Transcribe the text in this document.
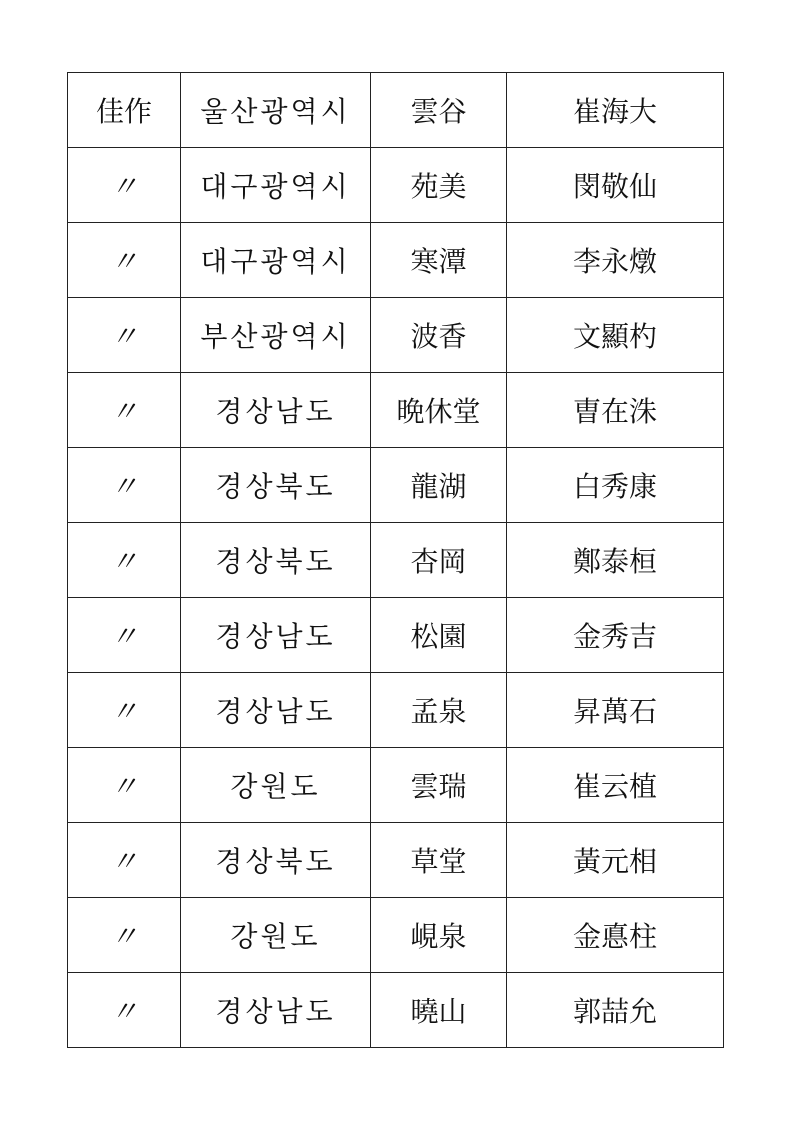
佳作	울산광역시	雲谷	崔海大
〃	대구광역시	苑美	閔敬仙
〃	대구광역시	寒潭	李永燉
〃	부산광역시	波香	文顯杓
〃	경상남도	晩休堂	曺在洙
〃	경상북도	龍湖	白秀康
〃	경상북도	杏岡	鄭泰桓
〃	경상남도	松園	金秀吉
〃	경상남도	孟泉	昇萬石
〃	강원도	雲瑞	崔云植
〃	경상북도	草堂	黃元相
〃	강원도	峴泉	金悳柱
〃	경상남도	曉山	郭喆允
